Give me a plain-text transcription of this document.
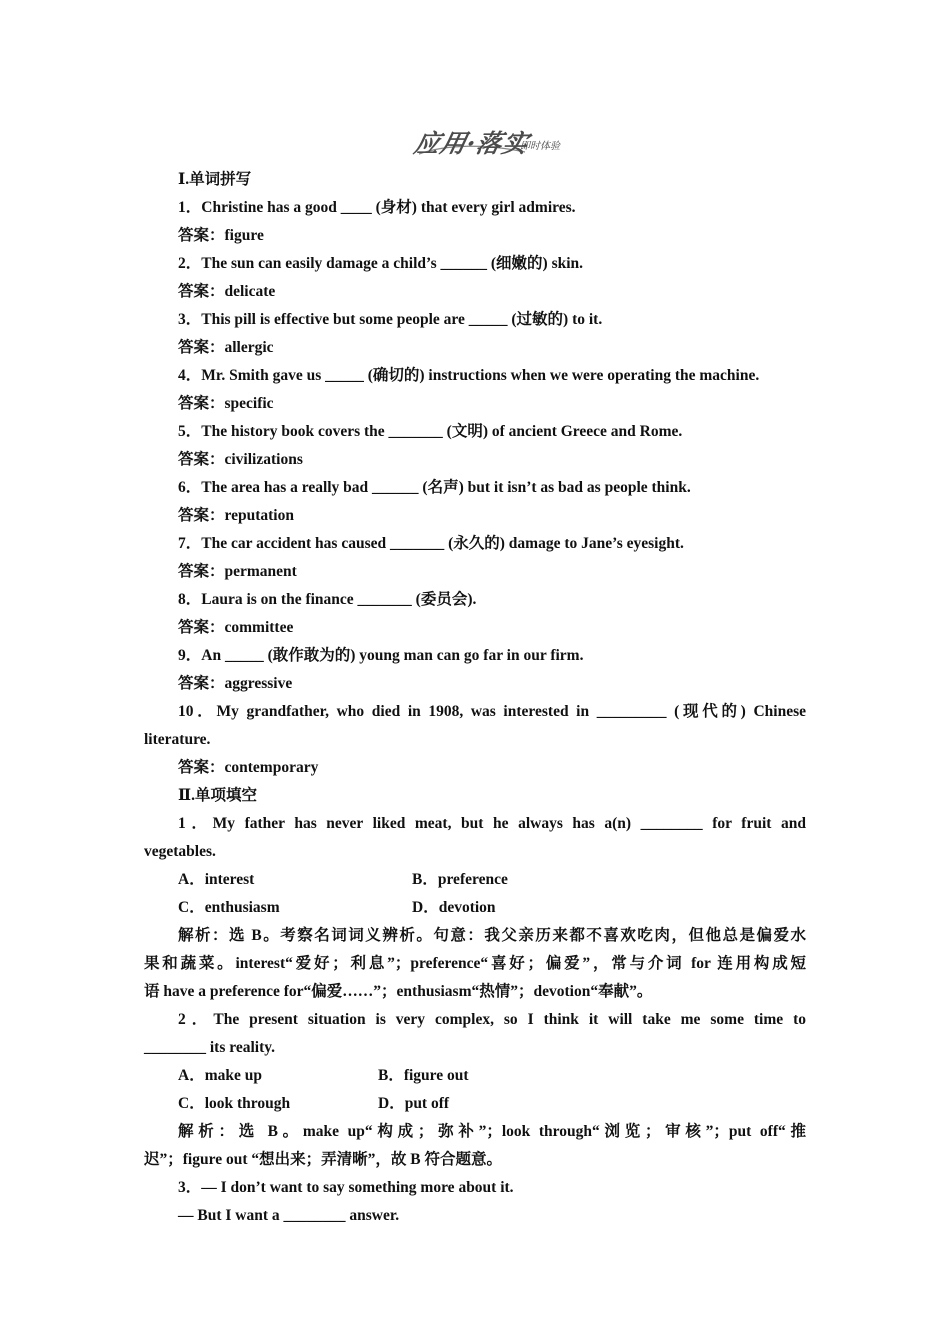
应用·落实
即时体验
Ⅰ.单词拼写
1．Christine has a good ____ (身材) that every girl admires.
答案：figure
2．The sun can easily damage a child’s ______ (细嫩的) skin.
答案：delicate
3．This pill is effective but some people are _____ (过敏的) to it.
答案：allergic
4．Mr. Smith gave us _____ (确切的) instructions when we were operating the machine.
答案：specific
5．The history book covers the _______ (文明) of ancient Greece and Rome.
答案：civilizations
6．The area has a really bad ______ (名声) but it isn’t as bad as people think.
答案：reputation
7．The car accident has caused _______ (永久的) damage to Jane’s eyesight.
答案：permanent
8．Laura is on the finance _______ (委员会).
答案：committee
9．An _____ (敢作敢为的) young man can go far in our firm.
答案：aggressive
10．My grandfather, who died in 1908, was interested in _________ (现代的) Chinese
literature.
答案：contemporary
Ⅱ.单项填空
1．My father has never liked meat, but he always has a(n) ________ for fruit and
vegetables.
A．interest	B．preference
C．enthusiasm	D．devotion
解析：选 B。考察名词词义辨析。句意：我父亲历来都不喜欢吃肉，但他总是偏爱水
果和蔬菜。interest“爱好；利息”；preference“喜好；偏爱”，常与介词 for 连用构成短
语 have a preference for“偏爱……”；enthusiasm“热情”；devotion“奉献”。
2．The present situation is very complex, so I think it will take me some time to
________ its reality.
A．make up	B．figure out
C．look through	D．put off
解析：选 B。make up“构成；弥补”；look through“浏览；审核”；put off“推
迟”；figure out “想出来；弄清晰”，故 B 符合题意。
3．— I don’t want to say something more about it.
— But I want a ________ answer.
